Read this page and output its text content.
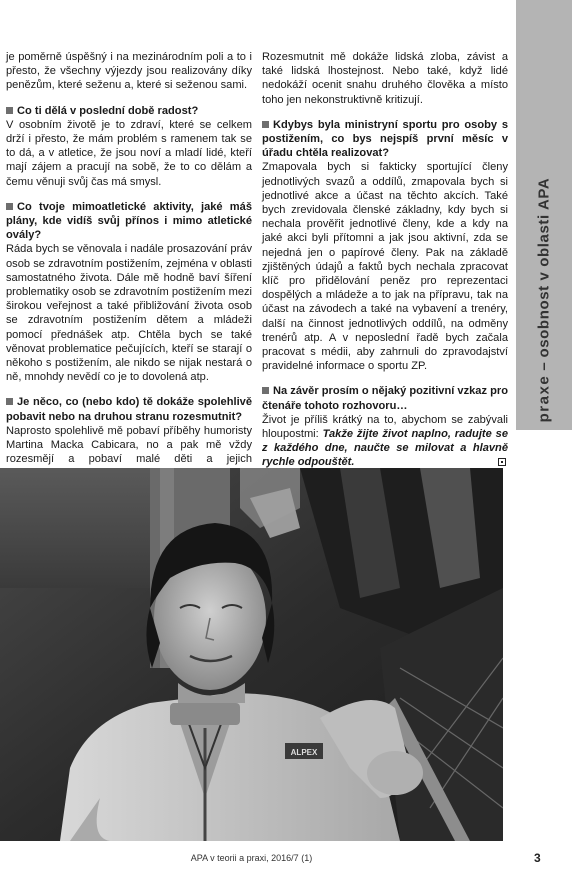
praxe – osobnost v oblasti APA

je poměrně úspěšný i na mezinárodním poli a to i přesto, že všechny výjezdy jsou realizovány díky penězům, které seženu a, které si seženou sami.

Co ti dělá v poslední době radost?
V osobním životě je to zdraví, které se celkem drží i přesto, že mám problém s ramenem tak se to dá, a v atletice, že jsou noví a mladí lidé, kteří mají zájem a pracují na sobě, že to co dělám a čemu věnuji svůj čas má smysl.

Co tvoje mimoatletické aktivity, jaké máš plány, kde vidíš svůj přínos i mimo atletické ovály?
Ráda bych se věnovala i nadále prosazování práv osob se zdravotním postižením, zejména v oblasti samostatného života. Dále mě hodně baví šíření problematiky osob se zdravotním postižením mezi širokou veřejnost a také přibližování života osob se zdravotním postižením dětem a mládeži pomocí přednášek atp. Chtěla bych se také věnovat problematice pečujících, kteří se starají o někoho s postižením, ale nikdo se nijak nestará o ně, mnohdy nevědí co je to dovolená atp.

Je něco, co (nebo kdo) tě dokáže spolehlivě pobavit nebo na druhou stranu rozesmutnit?
Naprosto spolehlivě mě pobaví příběhy humoristy Martina Macka Cabicara, no a pak mě vždy rozesmějí a pobaví malé děti a jejich

Rozesmutnit mě dokáže lidská zloba, závist a také lidská lhostejnost. Nebo také, když lidé nedokáží ocenit snahu druhého člověka a místo toho jen nekonstruktivně kritizují.

Kdybys byla ministryní sportu pro osoby s postižením, co bys nejspíš první měsíc v úřadu chtěla realizovat?
Zmapovala bych si fakticky sportující členy jednotlivých svazů a oddílů, zmapovala bych si jednotlivé akce a účast na těchto akcích. Také bych zrevidovala členské základny, kdy bych si nechala prověřit jednotlivé členy, kde a kdy na jaké akci byli přítomni a jak jsou aktivní, zda se nejedná jen o papírové členy. Pak na základě zjištěných údajů a faktů bych nechala zpracovat klíč pro přidělování peněz pro reprezentaci dospělých a mládeže a to jak na přípravu, tak na účast na závodech a také na vybavení a trenéry, další na činnost jednotlivých oddílů, na odměny trenérů atp. A v neposlední řadě bych začala pracovat s médii, aby zahrnuli do zpravodajství pravidelné informace o sportu ZP.

Na závěr prosím o nějaký pozitivní vzkaz pro čtenáře tohoto rozhovoru…
Život je příliš krátký na to, abychom se zabývali hloupostmi: Takže žijte život naplno, radujte se z každého dne, naučte se milovat a hlavně rychle odpouštět.

ALPEX
APA v teorii a praxi, 2016/7 (1)	3
